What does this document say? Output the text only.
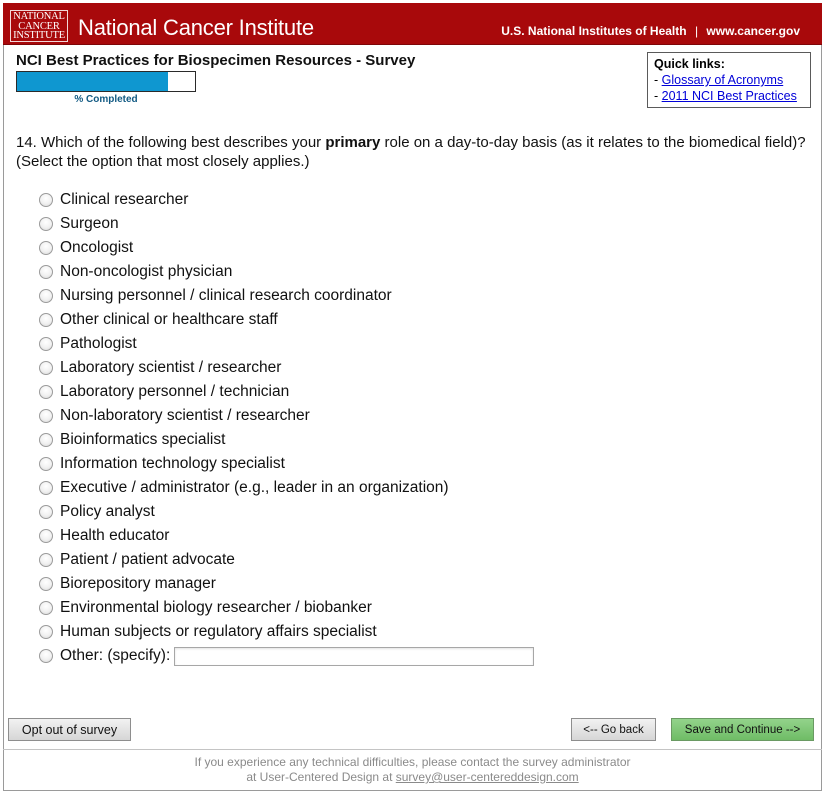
NATIONAL
CANCER
INSTITUTE National Cancer Institute	U.S. National Institutes of Health | www.cancer.gov
NCI Best Practices for Biospecimen Resources - Survey
% Completed
Quick links:
- Glossary of Acronyms
- 2011 NCI Best Practices
14. Which of the following best describes your primary role on a day-to-day basis (as it relates to the biomedical field)? (Select the option that most closely applies.)
Clinical researcher
Surgeon
Oncologist
Non-oncologist physician
Nursing personnel / clinical research coordinator
Other clinical or healthcare staff
Pathologist
Laboratory scientist / researcher
Laboratory personnel / technician
Non-laboratory scientist / researcher
Bioinformatics specialist
Information technology specialist
Executive / administrator (e.g., leader in an organization)
Policy analyst
Health educator
Patient / patient advocate
Biorepository manager
Environmental biology researcher / biobanker
Human subjects or regulatory affairs specialist
Other: (specify):
Opt out of survey	<-- Go back	Save and Continue -->
If you experience any technical difficulties, please contact the survey administrator
at User-Centered Design at survey@user-centereddesign.com
